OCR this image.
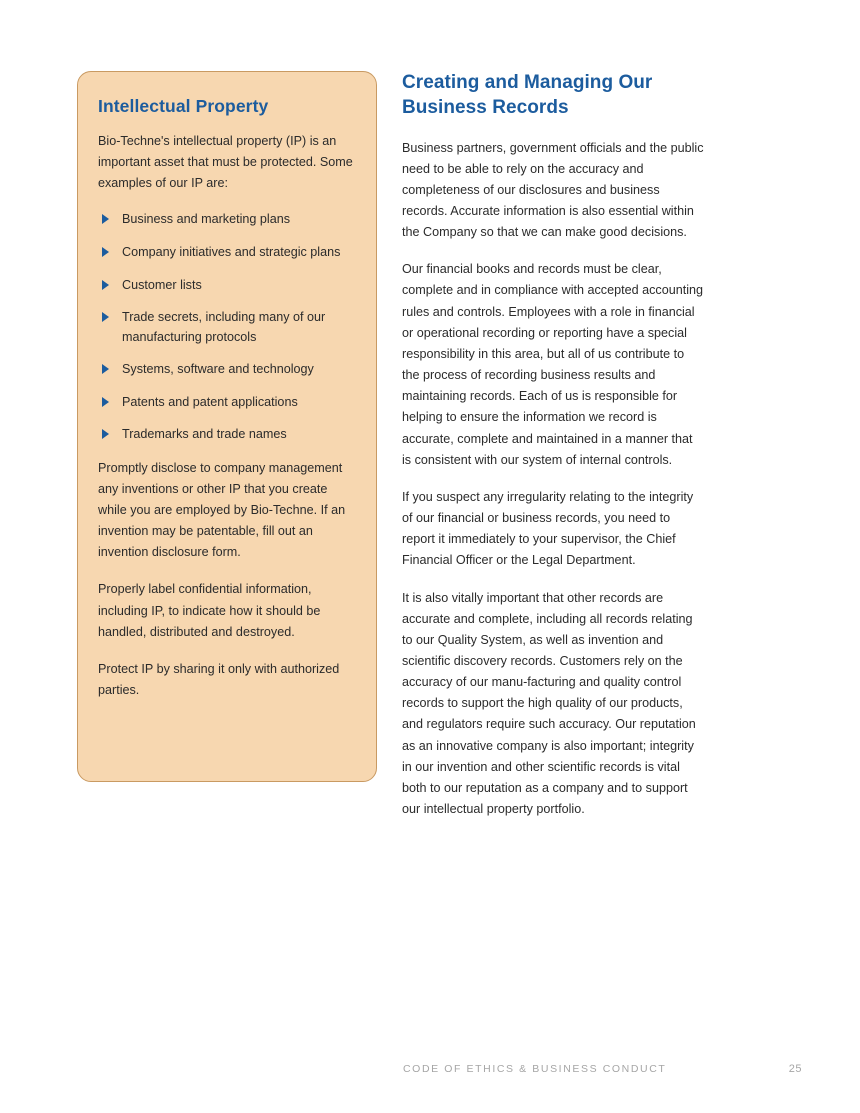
Intellectual Property

Bio-Techne's intellectual property (IP) is an important asset that must be protected. Some examples of our IP are:

Business and marketing plans
Company initiatives and strategic plans
Customer lists
Trade secrets, including many of our manufacturing protocols
Systems, software and technology
Patents and patent applications
Trademarks and trade names

Promptly disclose to company management any inventions or other IP that you create while you are employed by Bio-Techne. If an invention may be patentable, fill out an invention disclosure form.

Properly label confidential information, including IP, to indicate how it should be handled, distributed and destroyed.

Protect IP by sharing it only with authorized parties.

Creating and Managing Our Business Records

Business partners, government officials and the public need to be able to rely on the accuracy and completeness of our disclosures and business records. Accurate information is also essential within the Company so that we can make good decisions.

Our financial books and records must be clear, complete and in compliance with accepted accounting rules and controls. Employees with a role in financial or operational recording or reporting have a special responsibility in this area, but all of us contribute to the process of recording business results and maintaining records. Each of us is responsible for helping to ensure the information we record is accurate, complete and maintained in a manner that is consistent with our system of internal controls.

If you suspect any irregularity relating to the integrity of our financial or business records, you need to report it immediately to your supervisor, the Chief Financial Officer or the Legal Department.

It is also vitally important that other records are accurate and complete, including all records relating to our Quality System, as well as invention and scientific discovery records. Customers rely on the accuracy of our manu-facturing and quality control records to support the high quality of our products, and regulators require such accuracy. Our reputation as an innovative company is also important; integrity in our invention and other scientific records is vital both to our reputation as a company and to support our intellectual property portfolio.

CODE OF ETHICS & BUSINESS CONDUCT	25
